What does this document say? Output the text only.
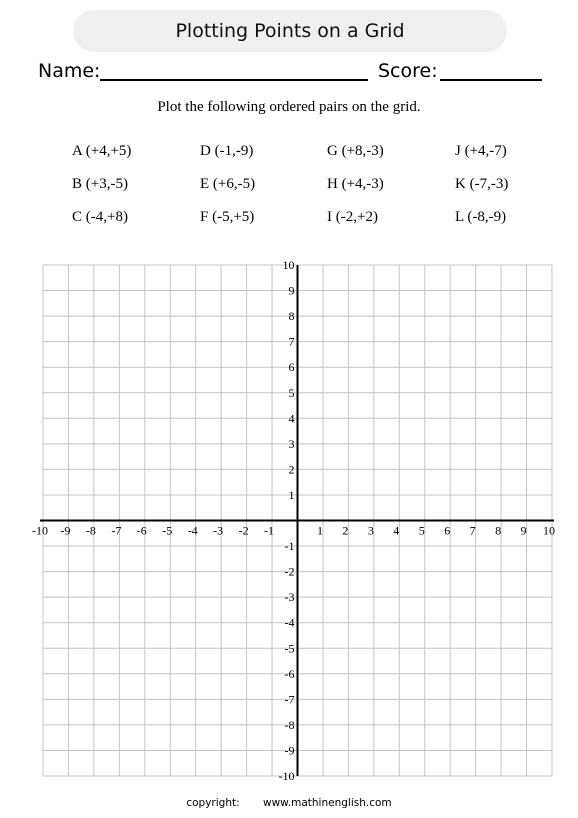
Plotting Points on a Grid
Name:	Score:
Plot the following ordered pairs on the grid.
A (+4,+5)	D (-1,-9)	G (+8,-3)	J (+4,-7)
B (+3,-5)	E (+6,-5)	H (+4,-3)	K (-7,-3)
C (-4,+8)	F (-5,+5)	I (-2,+2)	L (-8,-9)
-10 -9 -8 -7 -6 -5 -4 -3 -2 -1	1 2 3 4 5 6 7 8 9 10
-10
-9
-8
-7
-6
-5
-4
-3
-2
-1
1
2
3
4
5
6
7
8
9
10
copyright: www.mathinenglish.com
